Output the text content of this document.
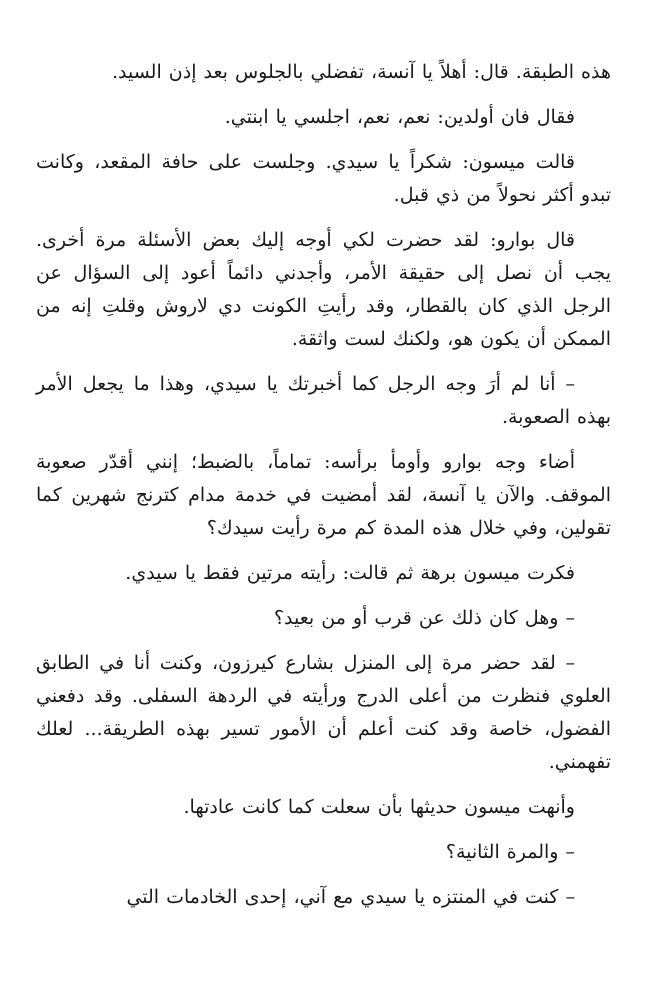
هذه الطبقة. قال: أهلاً يا آنسة، تفضلي بالجلوس بعد إذن السيد.

فقال فان أولدين: نعم، نعم، اجلسي يا ابنتي.

قالت ميسون: شكراً يا سيدي. وجلست على حافة المقعد، وكانت تبدو أكثر نحولاً من ذي قبل.

قال بوارو: لقد حضرت لكي أوجه إليك بعض الأسئلة مرة أخرى. يجب أن نصل إلى حقيقة الأمر، وأجدني دائماً أعود إلى السؤال عن الرجل الذي كان بالقطار، وقد رأيتِ الكونت دي لاروش وقلتِ إنه من الممكن أن يكون هو، ولكنك لست واثقة.

– أنا لم أرَ وجه الرجل كما أخبرتك يا سيدي، وهذا ما يجعل الأمر بهذه الصعوبة.

أضاء وجه بوارو وأومأ برأسه: تماماً، بالضبط؛ إنني أقدّر صعوبة الموقف. والآن يا آنسة، لقد أمضيت في خدمة مدام كترنج شهرين كما تقولين، وفي خلال هذه المدة كم مرة رأيت سيدك؟

فكرت ميسون برهة ثم قالت: رأيته مرتين فقط يا سيدي.

– وهل كان ذلك عن قرب أو من بعيد؟

– لقد حضر مرة إلى المنزل بشارع كيرزون، وكنت أنا في الطابق العلوي فنظرت من أعلى الدرج ورأيته في الردهة السفلى. وقد دفعني الفضول، خاصة وقد كنت أعلم أن الأمور تسير بهذه الطريقة... لعلك تفهمني.

وأنهت ميسون حديثها بأن سعلت كما كانت عادتها.

– والمرة الثانية؟

– كنت في المنتزه يا سيدي مع آني، إحدى الخادمات التي
